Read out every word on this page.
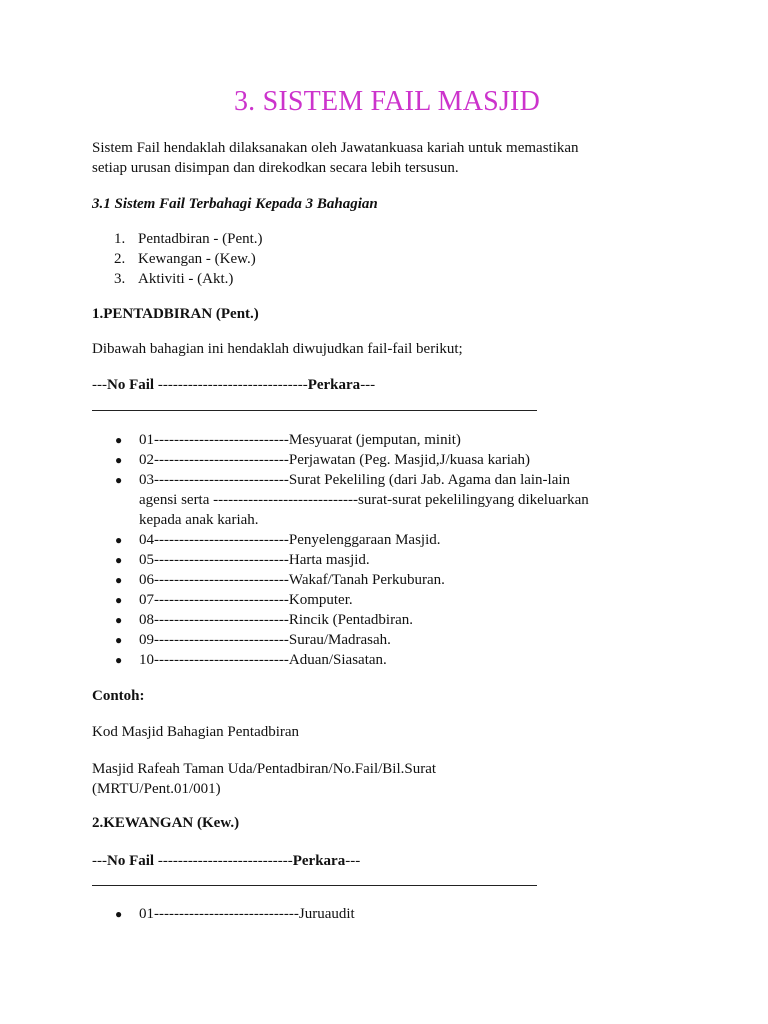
3. SISTEM FAIL MASJID
Sistem Fail hendaklah dilaksanakan oleh Jawatankuasa kariah untuk memastikan
setiap urusan disimpan dan direkodkan secara lebih tersusun.
3.1 Sistem Fail Terbahagi Kepada 3 Bahagian
1. Pentadbiran - (Pent.)
2. Kewangan - (Kew.)
3. Aktiviti - (Akt.)
1.PENTADBIRAN (Pent.)
Dibawah bahagian ini hendaklah diwujudkan fail-fail berikut;
---No Fail ------------------------------Perkara---
● 01---------------------------Mesyuarat (jemputan, minit)
● 02---------------------------Perjawatan (Peg. Masjid,J/kuasa kariah)
● 03---------------------------Surat Pekeliling (dari Jab. Agama dan lain-lain
agensi serta -----------------------------surat-surat pekelilingyang dikeluarkan
kepada anak kariah.
● 04---------------------------Penyelenggaraan Masjid.
● 05---------------------------Harta masjid.
● 06---------------------------Wakaf/Tanah Perkuburan.
● 07---------------------------Komputer.
● 08---------------------------Rincik (Pentadbiran.
● 09---------------------------Surau/Madrasah.
● 10---------------------------Aduan/Siasatan.
Contoh:
Kod Masjid Bahagian Pentadbiran
Masjid Rafeah Taman Uda/Pentadbiran/No.Fail/Bil.Surat
(MRTU/Pent.01/001)
2.KEWANGAN (Kew.)
---No Fail ---------------------------Perkara---
● 01-----------------------------Juruaudit
